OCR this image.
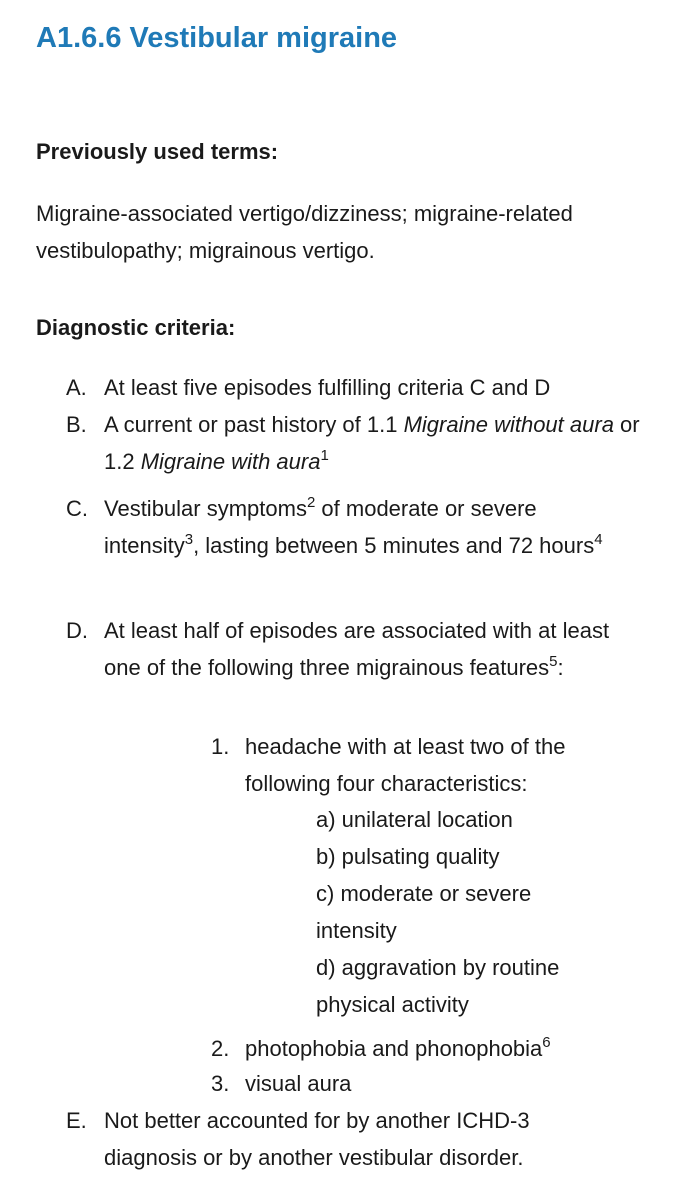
A1.6.6 Vestibular migraine
Previously used terms:
Migraine-associated vertigo/dizziness; migraine-related vestibulopathy; migrainous vertigo.
Diagnostic criteria:
A. At least five episodes fulfilling criteria C and D
B. A current or past history of 1.1 Migraine without aura or 1.2 Migraine with aura$^1$
C. Vestibular symptoms$^2$ of moderate or severe intensity$^3$, lasting between 5 minutes and 72 hours$^4$
D. At least half of episodes are associated with at least one of the following three migrainous features$^5$:
1. headache with at least two of the following four characteristics:
a) unilateral location
b) pulsating quality
c) moderate or severe intensity
d) aggravation by routine physical activity
2. photophobia and phonophobia$^6$
3. visual aura
E. Not better accounted for by another ICHD-3 diagnosis or by another vestibular disorder.
